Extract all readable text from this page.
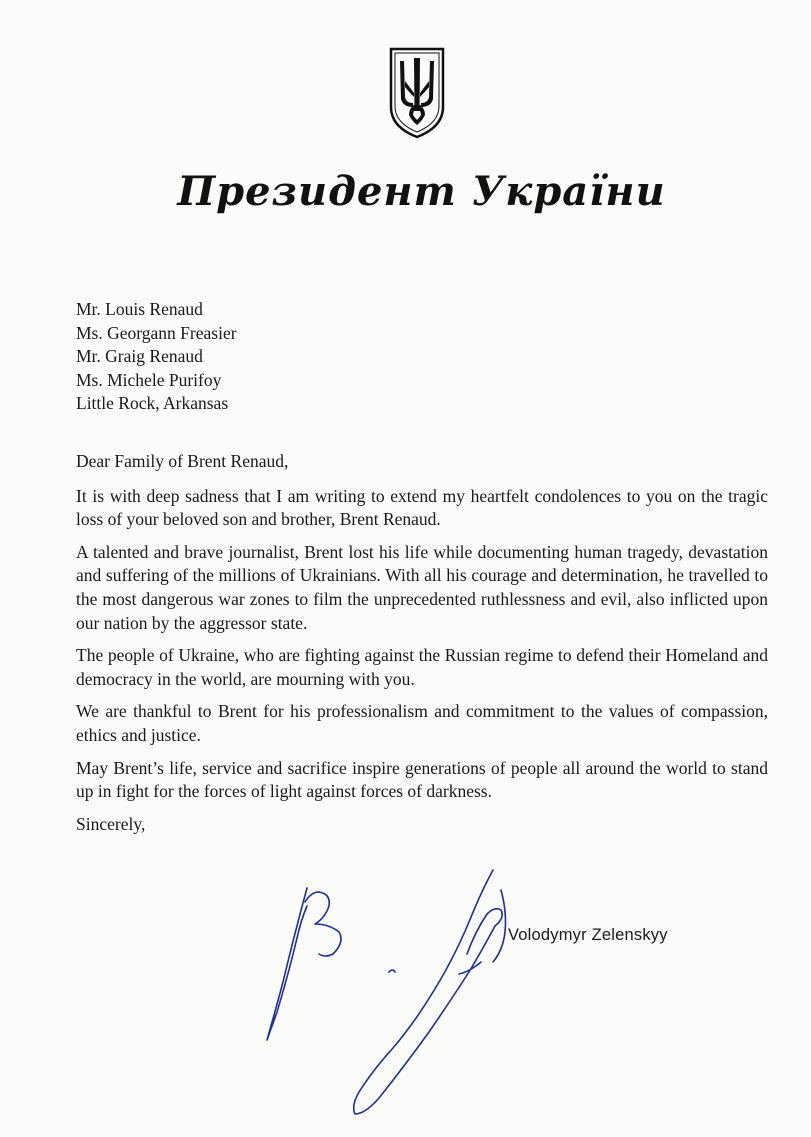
Президент України
Mr. Louis Renaud
Ms. Georgann Freasier
Mr. Graig Renaud
Ms. Michele Purifoy
Little Rock, Arkansas

Dear Family of Brent Renaud,

It is with deep sadness that I am writing to extend my heartfelt condolences to you on the tragic loss of your beloved son and brother, Brent Renaud.

A talented and brave journalist, Brent lost his life while documenting human tragedy, devastation and suffering of the millions of Ukrainians. With all his courage and determination, he travelled to the most dangerous war zones to film the unprecedented ruthlessness and evil, also inflicted upon our nation by the aggressor state.

The people of Ukraine, who are fighting against the Russian regime to defend their Homeland and democracy in the world, are mourning with you.

We are thankful to Brent for his professionalism and commitment to the values of compassion, ethics and justice.

May Brent’s life, service and sacrifice inspire generations of people all around the world to stand up in fight for the forces of light against forces of darkness.

Sincerely,

Volodymyr Zelenskyy
